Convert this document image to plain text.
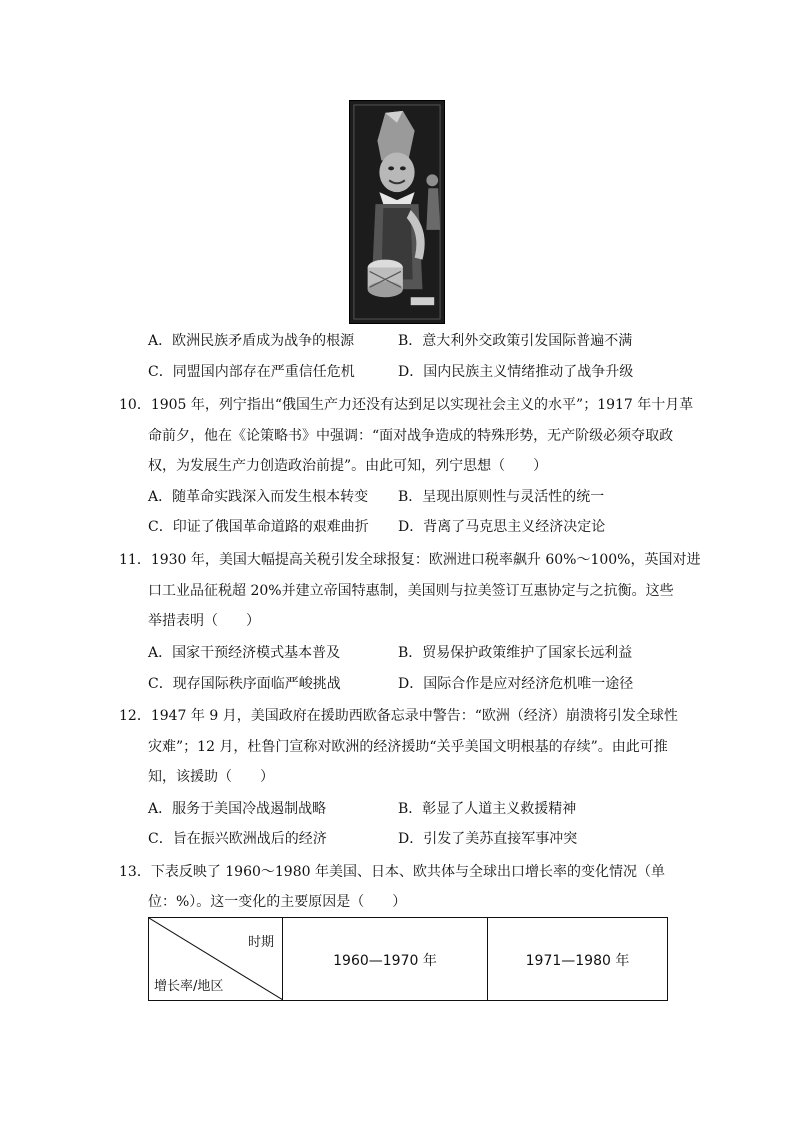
A．欧洲民族矛盾成为战争的根源	B．意大利外交政策引发国际普遍不满
C．同盟国内部存在严重信任危机	D．国内民族主义情绪推动了战争升级
10．1905 年，列宁指出“俄国生产力还没有达到足以实现社会主义的水平”；1917 年十月革
命前夕，他在《论策略书》中强调：“面对战争造成的特殊形势，无产阶级必须夺取政
权，为发展生产力创造政治前提”。由此可知，列宁思想（　　）
A．随革命实践深入而发生根本转变 B．呈现出原则性与灵活性的统一
C．印证了俄国革命道路的艰难曲折 D．背离了马克思主义经济决定论
11．1930 年，美国大幅提高关税引发全球报复：欧洲进口税率飙升 60%～100%，英国对进
口工业品征税超 20%并建立帝国特惠制，美国则与拉美签订互惠协定与之抗衡。这些
举措表明（　　）
A．国家干预经济模式基本普及	B．贸易保护政策维护了国家长远利益
C．现存国际秩序面临严峻挑战	D．国际合作是应对经济危机唯一途径
12．1947 年 9 月，美国政府在援助西欧备忘录中警告：“欧洲（经济）崩溃将引发全球性
灾难”；12 月，杜鲁门宣称对欧洲的经济援助“关乎美国文明根基的存续”。由此可推
知，该援助（　　）
A．服务于美国冷战遏制战略	B．彰显了人道主义救援精神
C．旨在振兴欧洲战后的经济	D．引发了美苏直接军事冲突
13．下表反映了 1960～1980 年美国、日本、欧共体与全球出口增长率的变化情况（单
位：%）。这一变化的主要原因是（　　）
时期
增长率/地区
1960—1970 年	1971—1980 年
